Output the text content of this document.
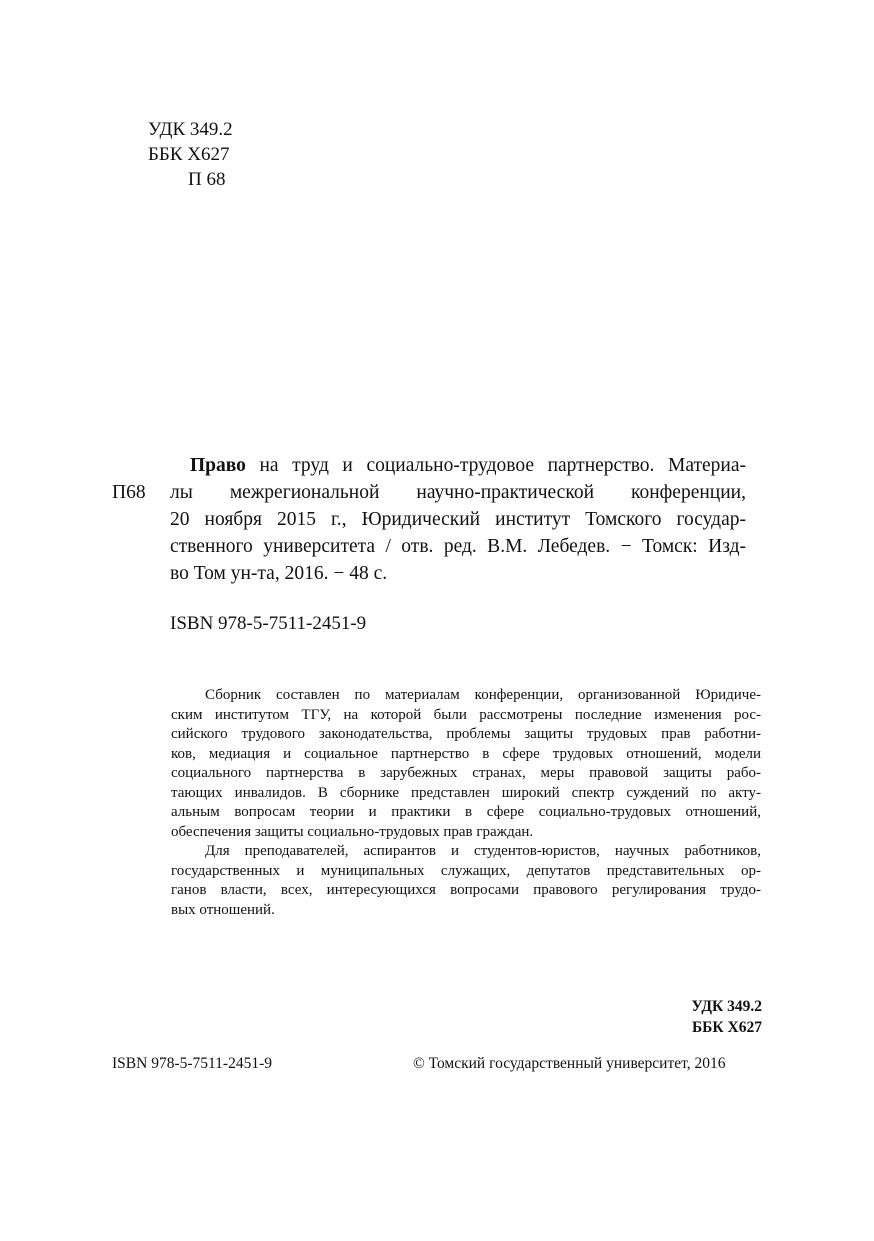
УДК 349.2
ББК Х627
П 68
П68
Право на труд и социально-трудовое партнерство. Материа-
лы межрегиональной научно-практической конференции,
20 ноября 2015 г., Юридический институт Томского государ-
ственного университета / отв. ред. В.М. Лебедев. − Томск: Изд-
во Том ун-та, 2016. − 48 с.
ISBN 978-5-7511-2451-9
Сборник составлен по материалам конференции, организованной Юридиче-
ским институтом ТГУ, на которой были рассмотрены последние изменения рос-
сийского трудового законодательства, проблемы защиты трудовых прав работни-
ков, медиация и социальное партнерство в сфере трудовых отношений, модели
социального партнерства в зарубежных странах, меры правовой защиты рабо-
тающих инвалидов. В сборнике представлен широкий спектр суждений по акту-
альным вопросам теории и практики в сфере социально-трудовых отношений,
обеспечения защиты социально-трудовых прав граждан.
Для преподавателей, аспирантов и студентов-юристов, научных работников,
государственных и муниципальных служащих, депутатов представительных ор-
ганов власти, всех, интересующихся вопросами правового регулирования трудо-
вых отношений.
УДК 349.2
ББК Х627
ISBN 978-5-7511-2451-9	© Томский государственный университет, 2016
